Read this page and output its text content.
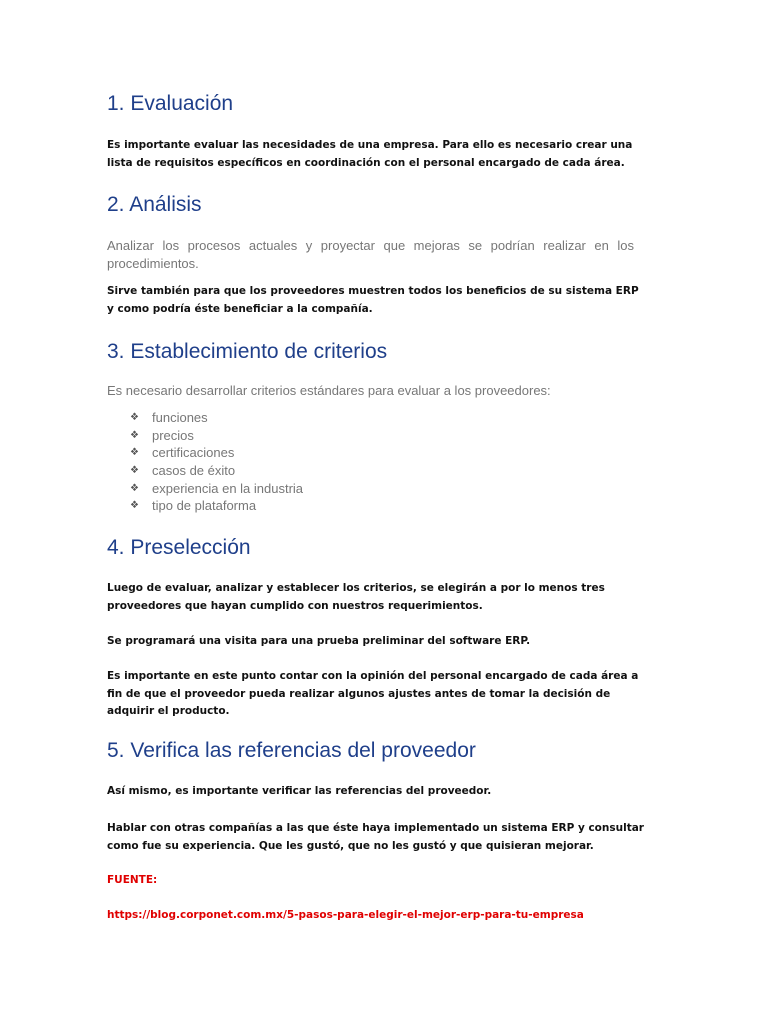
1. Evaluación

Es importante evaluar las necesidades de una empresa. Para ello es necesario crear una lista de requisitos específicos en coordinación con el personal encargado de cada área.

2. Análisis

Analizar los procesos actuales y proyectar que mejoras se podrían realizar en los procedimientos.

Sirve también para que los proveedores muestren todos los beneficios de su sistema ERP y como podría éste beneficiar a la compañía.

3. Establecimiento de criterios

Es necesario desarrollar criterios estándares para evaluar a los proveedores:

❖ funciones
❖ precios
❖ certificaciones
❖ casos de éxito
❖ experiencia en la industria
❖ tipo de plataforma
4. Preselección

Luego de evaluar, analizar y establecer los criterios, se elegirán a por lo menos tres proveedores que hayan cumplido con nuestros requerimientos.

Se programará una visita para una prueba preliminar del software ERP.

Es importante en este punto contar con la opinión del personal encargado de cada área a fin de que el proveedor pueda realizar algunos ajustes antes de tomar la decisión de adquirir el producto.

5. Verifica las referencias del proveedor

Así mismo, es importante verificar las referencias del proveedor.

Hablar con otras compañías a las que éste haya implementado un sistema ERP y consultar como fue su experiencia. Que les gustó, que no les gustó y que quisieran mejorar.

FUENTE:

https://blog.corponet.com.mx/5-pasos-para-elegir-el-mejor-erp-para-tu-empresa
